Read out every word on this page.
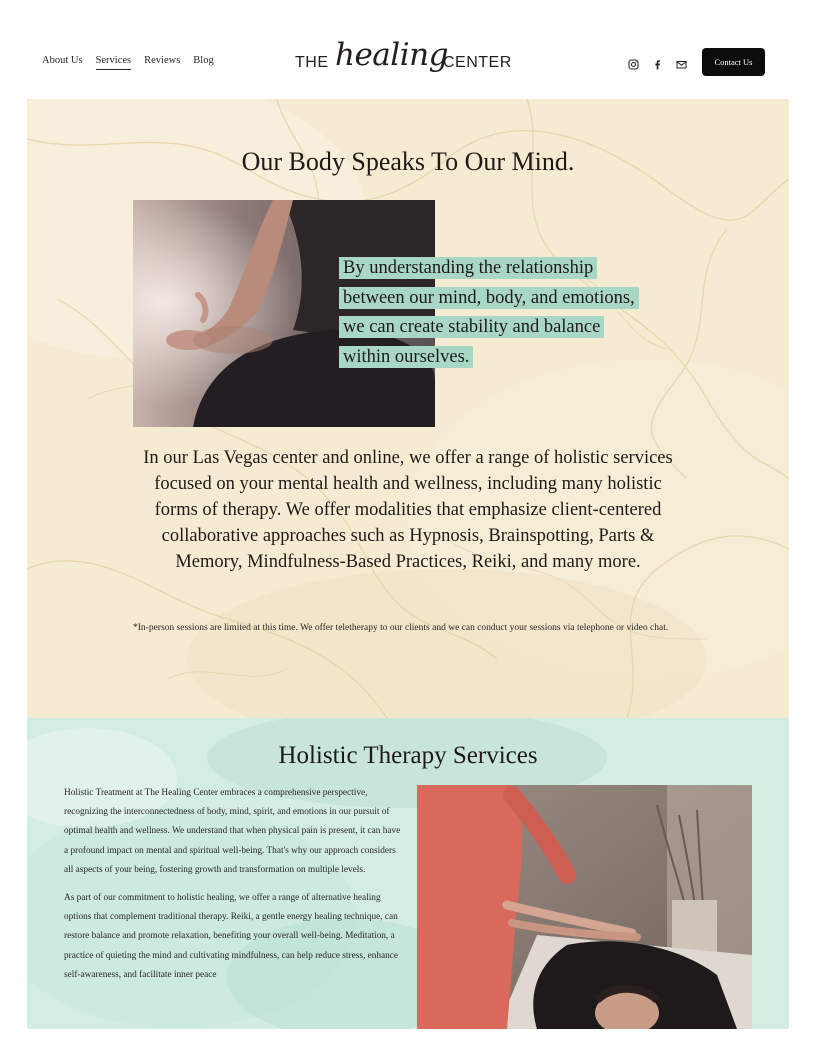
About Us Services Reviews Blog	THE healing
CENTER	Contact Us
Our Body Speaks To Our Mind.
By understanding the relationship
between our mind, body, and emotions,
we can create stability and balance
within ourselves.

In our Las Vegas center and online, we offer a range of holistic services focused on your mental health and wellness, including many holistic forms of therapy. We offer modalities that emphasize client-centered collaborative approaches such as Hypnosis, Brainspotting, Parts & Memory, Mindfulness-Based Practices, Reiki, and many more.

*In-person sessions are limited at this time. We offer teletherapy to our clients and we can conduct your sessions via telephone or video chat.

Holistic Therapy Services

Holistic Treatment at The Healing Center embraces a comprehensive perspective, recognizing the interconnectedness of body, mind, spirit, and emotions in our pursuit of optimal health and wellness. We understand that when physical pain is present, it can have a profound impact on mental and spiritual well-being. That's why our approach considers all aspects of your being, fostering growth and transformation on multiple levels.

As part of our commitment to holistic healing, we offer a range of alternative healing options that complement traditional therapy. Reiki, a gentle energy healing technique, can restore balance and promote relaxation, benefiting your overall well-being. Meditation, a practice of quieting the mind and cultivating mindfulness, can help reduce stress, enhance self-awareness, and facilitate inner peace
